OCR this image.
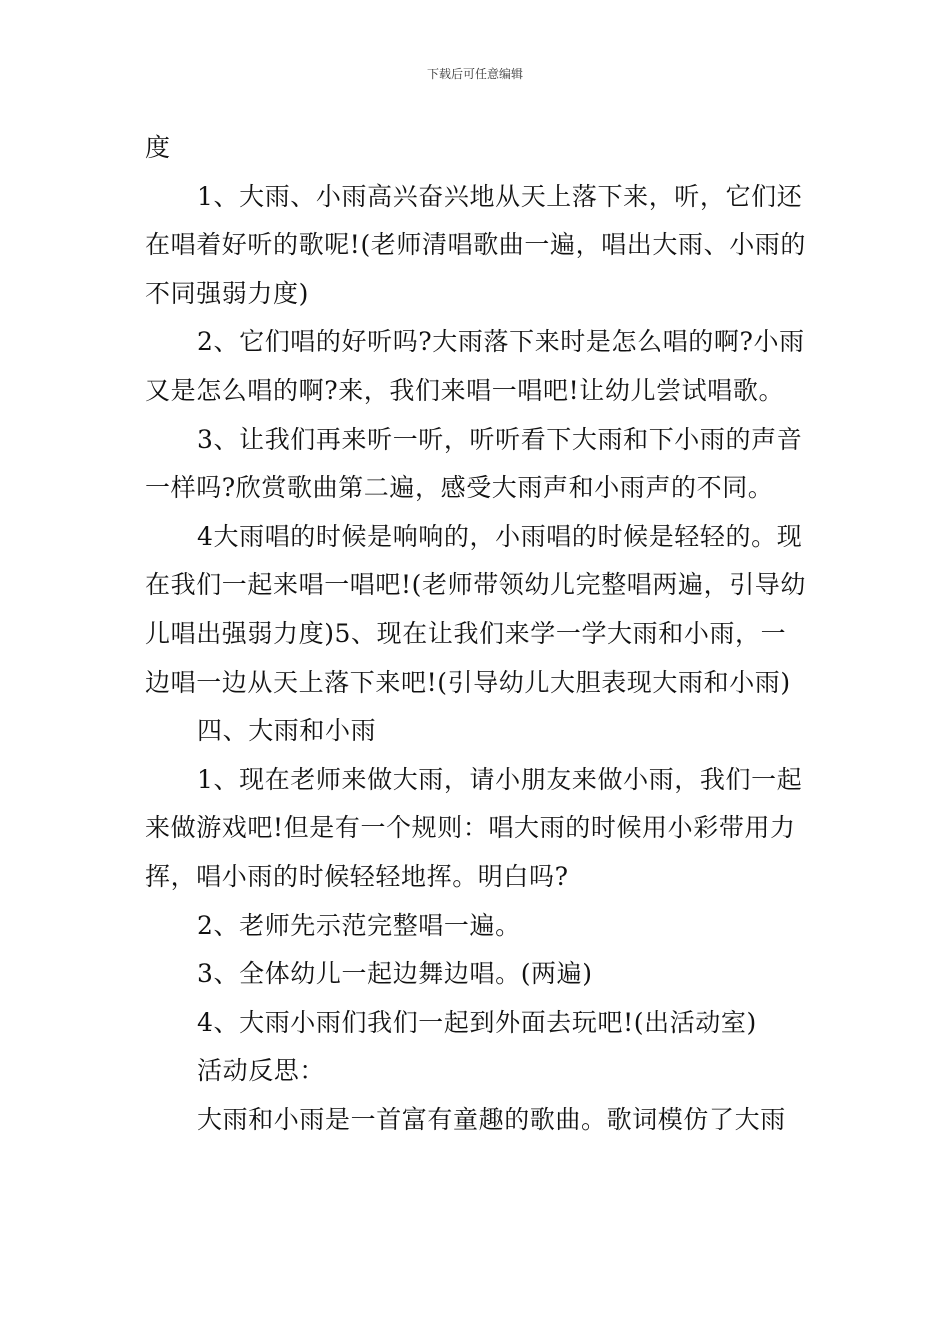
下载后可任意编辑

度

1、大雨、小雨高兴奋兴地从天上落下来，听，它们还在唱着好听的歌呢!(老师清唱歌曲一遍，唱出大雨、小雨的不同强弱力度)

2、它们唱的好听吗?大雨落下来时是怎么唱的啊?小雨又是怎么唱的啊?来，我们来唱一唱吧!让幼儿尝试唱歌。

3、让我们再来听一听，听听看下大雨和下小雨的声音一样吗?欣赏歌曲第二遍，感受大雨声和小雨声的不同。

4大雨唱的时候是响响的，小雨唱的时候是轻轻的。现在我们一起来唱一唱吧!(老师带领幼儿完整唱两遍，引导幼儿唱出强弱力度)5、现在让我们来学一学大雨和小雨，一边唱一边从天上落下来吧!(引导幼儿大胆表现大雨和小雨)

四、大雨和小雨

1、现在老师来做大雨，请小朋友来做小雨，我们一起来做游戏吧!但是有一个规则：唱大雨的时候用小彩带用力挥，唱小雨的时候轻轻地挥。明白吗?

2、老师先示范完整唱一遍。

3、全体幼儿一起边舞边唱。(两遍)

4、大雨小雨们我们一起到外面去玩吧!(出活动室)

活动反思：

大雨和小雨是一首富有童趣的歌曲。歌词模仿了大雨
